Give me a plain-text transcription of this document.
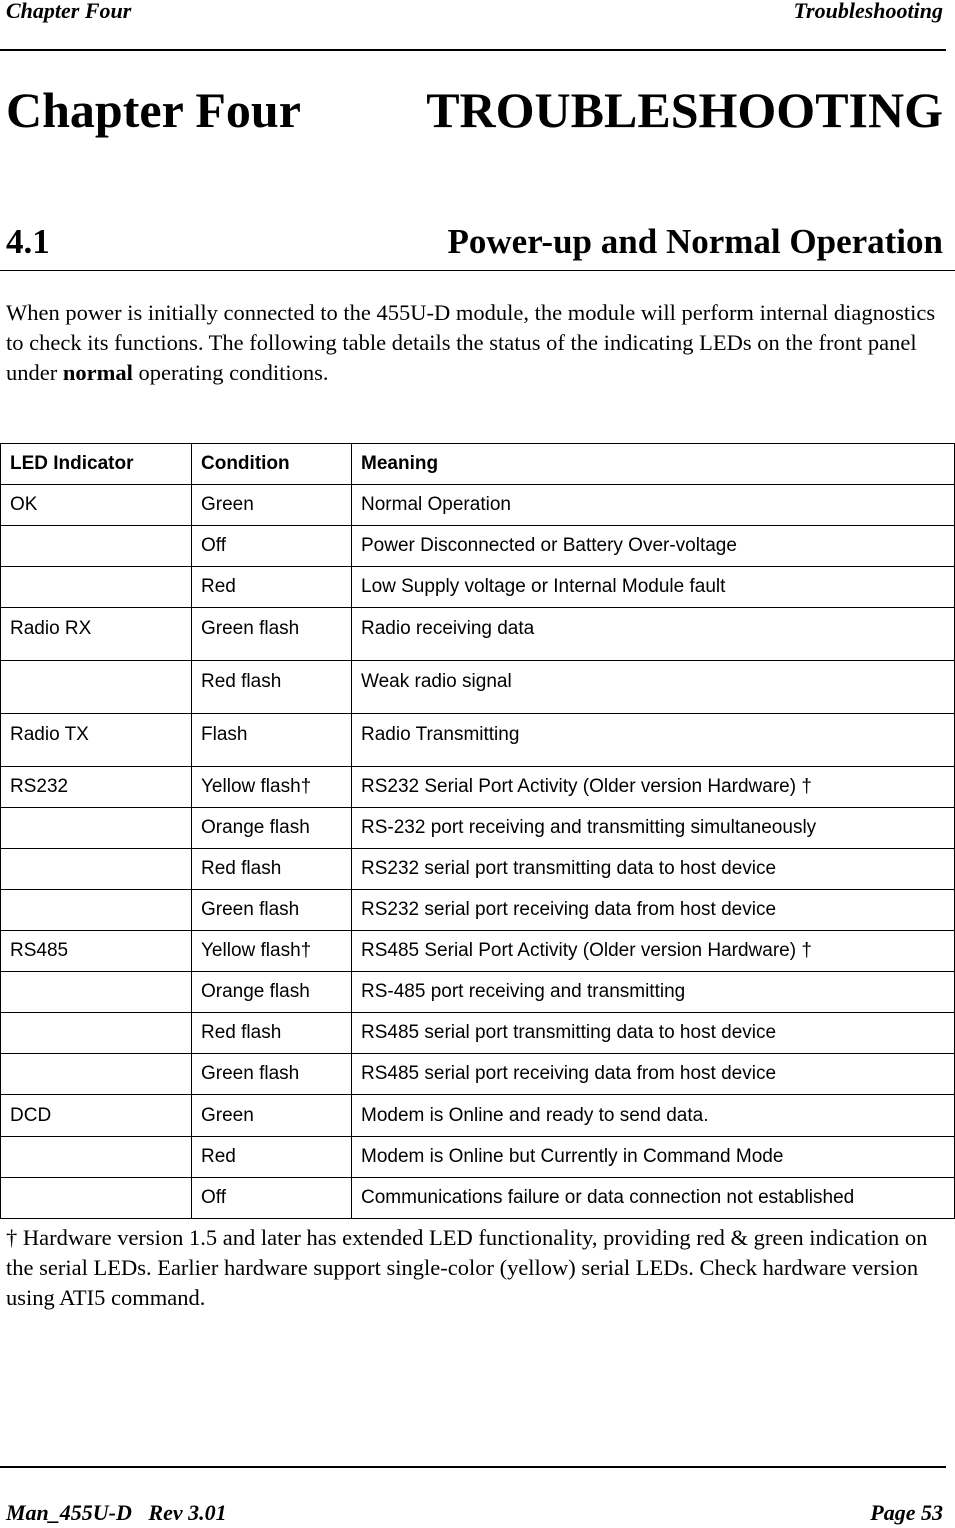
Chapter Four	Troubleshooting
Chapter Four	TROUBLESHOOTING
4.1	Power-up and Normal Operation

When power is initially connected to the 455U-D module, the module will perform internal diagnostics to check its functions. The following table details the status of the indicating LEDs on the front panel under normal operating conditions.

LED Indicator	Condition	Meaning
OK	Green	Normal Operation
	Off	Power Disconnected or Battery Over-voltage
	Red	Low Supply voltage or Internal Module fault
Radio RX	Green flash	Radio receiving data
	Red flash	Weak radio signal
Radio TX	Flash	Radio Transmitting
RS232	Yellow flash†	RS232 Serial Port Activity (Older version Hardware) †
	Orange flash	RS-232 port receiving and transmitting simultaneously
	Red flash	RS232 serial port transmitting data to host device
	Green flash	RS232 serial port receiving data from host device
RS485	Yellow flash†	RS485 Serial Port Activity (Older version Hardware) †
	Orange flash	RS-485 port receiving and transmitting
	Red flash	RS485 serial port transmitting data to host device
	Green flash	RS485 serial port receiving data from host device
DCD	Green	Modem is Online and ready to send data.
	Red	Modem is Online but Currently in Command Mode
	Off	Communications failure or data connection not established

† Hardware version 1.5 and later has extended LED functionality, providing red & green indication on the serial LEDs. Earlier hardware support single-color (yellow) serial LEDs. Check hardware version using ATI5 command.

Man_455U-D   Rev 3.01	Page 53
